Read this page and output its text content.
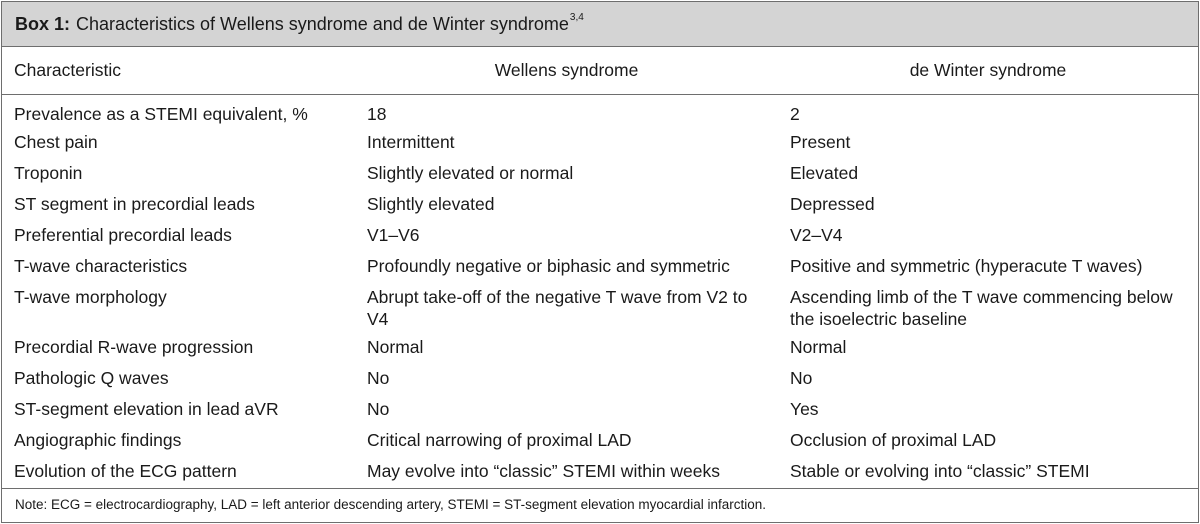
Box 1: Characteristics of Wellens syndrome and de Winter syndrome$^{3,4}$
Characteristic	Wellens syndrome	de Winter syndrome
Prevalence as a STEMI equivalent, %	18	2
Chest pain	Intermittent	Present
Troponin	Slightly elevated or normal	Elevated
ST segment in precordial leads	Slightly elevated	Depressed
Preferential precordial leads	V1–V6	V2–V4
T-wave characteristics	Profoundly negative or biphasic and symmetric	Positive and symmetric (hyperacute T waves)
T-wave morphology	Abrupt take-off of the negative T wave from V2 to V4	Ascending limb of the T wave commencing below the isoelectric baseline
Precordial R-wave progression	Normal	Normal
Pathologic Q waves	No	No
ST-segment elevation in lead aVR	No	Yes
Angiographic findings	Critical narrowing of proximal LAD	Occlusion of proximal LAD
Evolution of the ECG pattern	May evolve into “classic” STEMI within weeks	Stable or evolving into “classic” STEMI
Note: ECG = electrocardiography, LAD = left anterior descending artery, STEMI = ST-segment elevation myocardial infarction.
